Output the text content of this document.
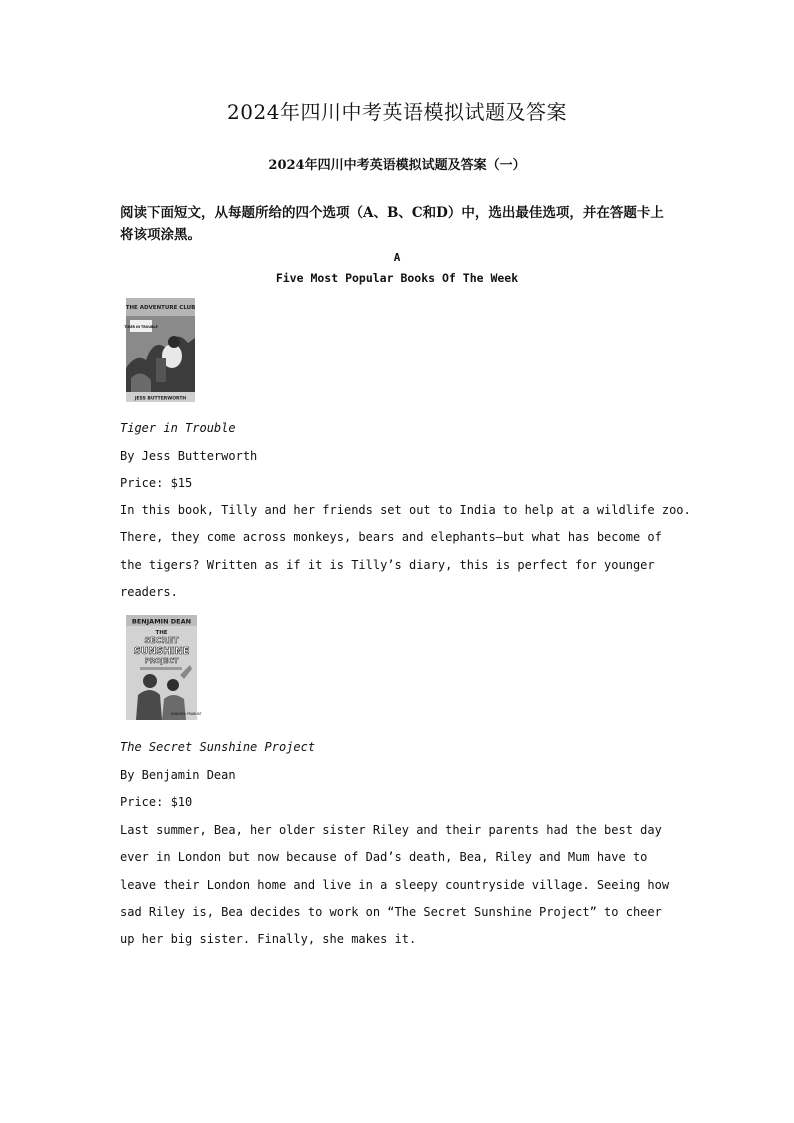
2024年四川中考英语模拟试题及答案
2024年四川中考英语模拟试题及答案（一）
阅读下面短文，从每题所给的四个选项（A、B、C和D）中，选出最佳选项，并在答题卡上
将该项涂黑。
A
Five Most Popular Books Of The Week
THE ADVENTURE CLUB
TIGER IN TROUBLE
JESS BUTTERWORTH
Tiger in Trouble
By Jess Butterworth
Price: $15
In this book, Tilly and her friends set out to India to help at a wildlife zoo.
There, they come across monkeys, bears and elephants—but what has become of
the tigers? Written as if it is Tilly’s diary, this is perfect for younger
readers.
BENJAMIN DEAN
THE
SECRET
SUNSHINE
PROJECT
SANDHYA PRABHAT
The Secret Sunshine Project
By Benjamin Dean
Price: $10
Last summer, Bea, her older sister Riley and their parents had the best day
ever in London but now because of Dad’s death, Bea, Riley and Mum have to
leave their London home and live in a sleepy countryside village. Seeing how
sad Riley is, Bea decides to work on “The Secret Sunshine Project” to cheer
up her big sister. Finally, she makes it.
